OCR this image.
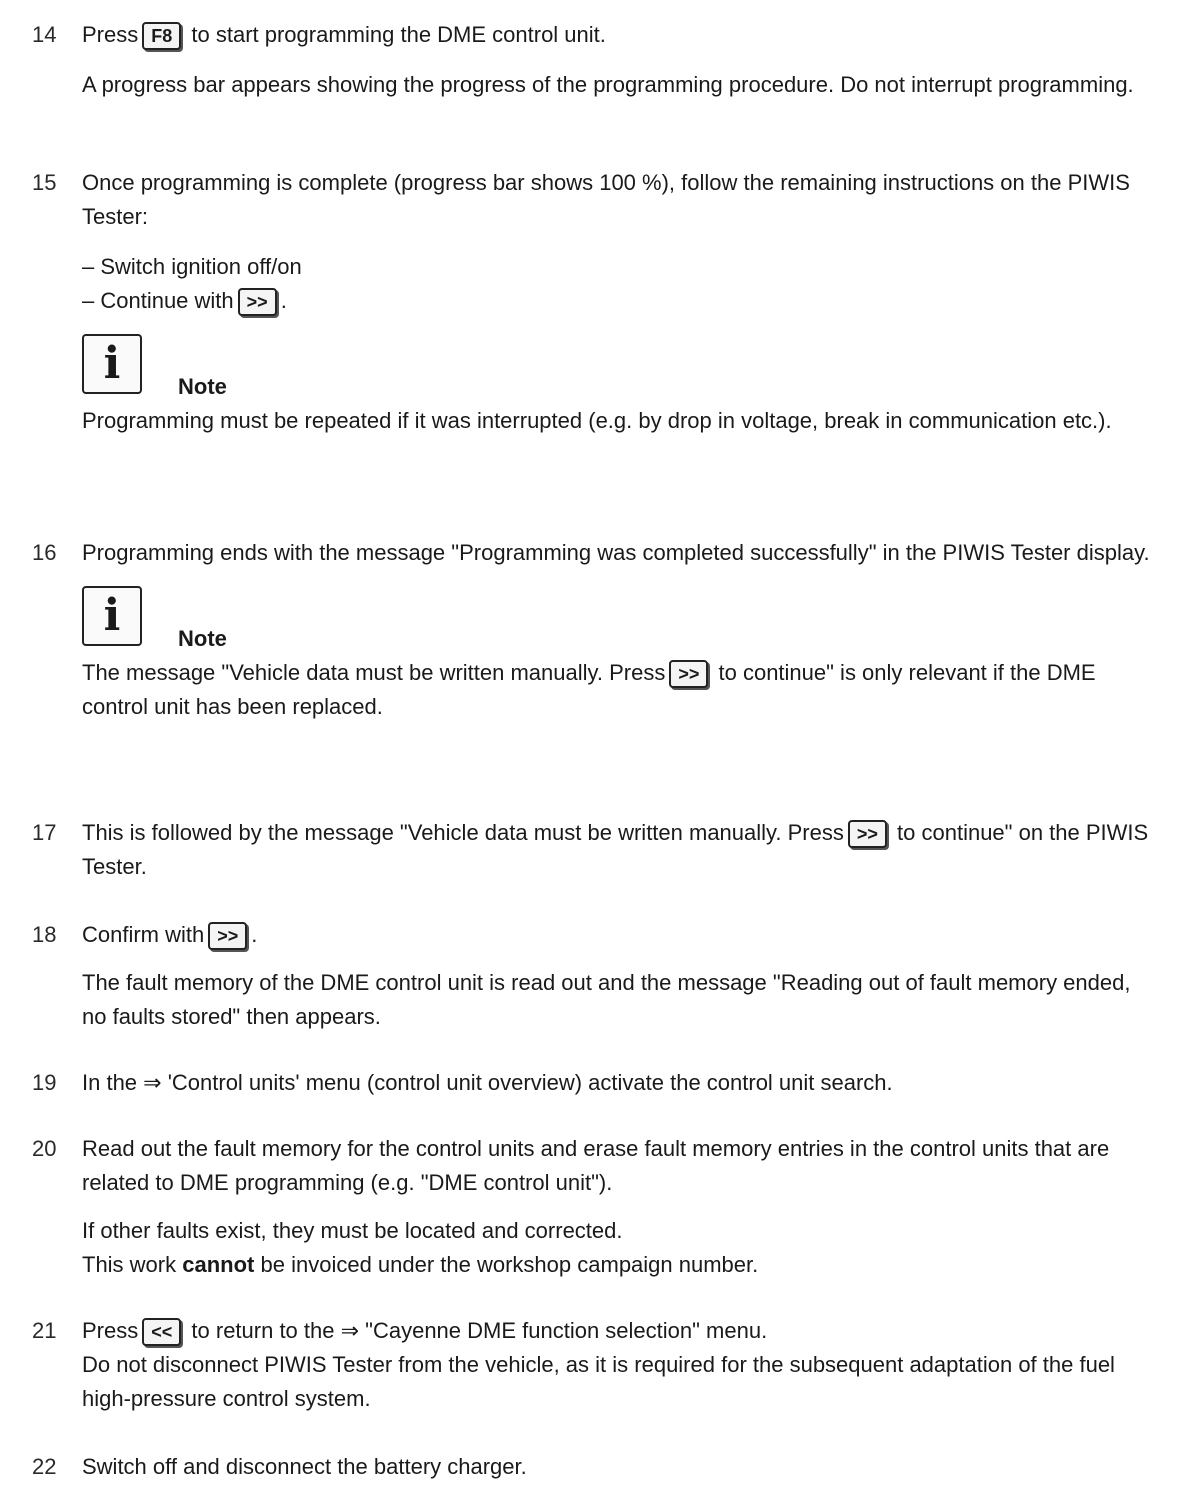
14	Press F8 to start programming the DME control unit.

A progress bar appears showing the progress of the programming procedure. Do not interrupt programming.

15	Once programming is complete (progress bar shows 100 %), follow the remaining instructions on the PIWIS Tester:

– Switch ignition off/on

– Continue with >> .

i	Note

Programming must be repeated if it was interrupted (e.g. by drop in voltage, break in communication etc.).

16	Programming ends with the message "Programming was completed successfully" in the PIWIS Tester display.

i	Note

The message "Vehicle data must be written manually. Press >> to continue" is only relevant if the DME control unit has been replaced.

17	This is followed by the message "Vehicle data must be written manually. Press >> to continue" on the PIWIS Tester.

18	Confirm with >> .

The fault memory of the DME control unit is read out and the message "Reading out of fault memory ended, no faults stored" then appears.

19	In the ⇒ 'Control units' menu (control unit overview) activate the control unit search.

20	Read out the fault memory for the control units and erase fault memory entries in the control units that are related to DME programming (e.g. "DME control unit").

If other faults exist, they must be located and corrected.

This work cannot be invoiced under the workshop campaign number.

21	Press << to return to the ⇒ "Cayenne DME function selection" menu.

Do not disconnect PIWIS Tester from the vehicle, as it is required for the subsequent adaptation of the fuel high-pressure control system.

22	Switch off and disconnect the battery charger.
